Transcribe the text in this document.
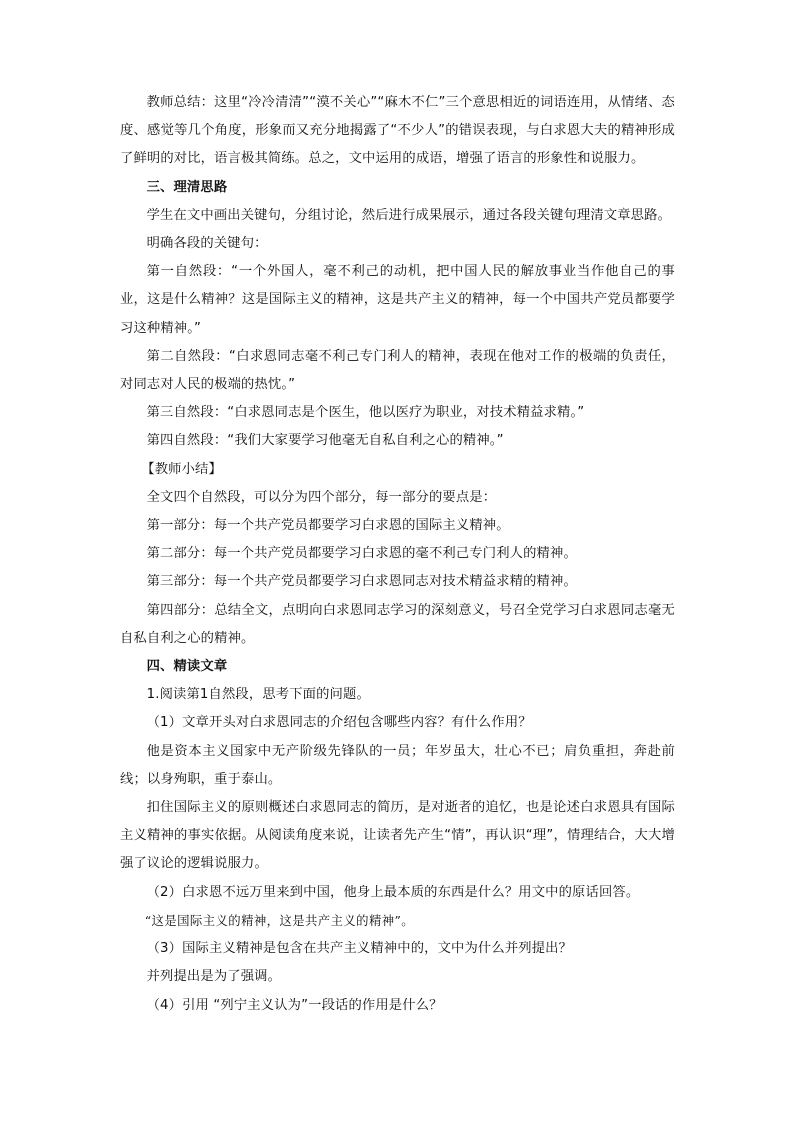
教师总结：这里“冷冷清清”“漠不关心”“麻木不仁”三个意思相近的词语连用，从情绪、态度、感觉等几个角度，形象而又充分地揭露了“不少人”的错误表现，与白求恩大夫的精神形成了鲜明的对比，语言极其简练。总之，文中运用的成语，增强了语言的形象性和说服力。

三、理清思路

学生在文中画出关键句，分组讨论，然后进行成果展示，通过各段关键句理清文章思路。

明确各段的关键句：

第一自然段：“一个外国人，毫不利己的动机，把中国人民的解放事业当作他自己的事业，这是什么精神？这是国际主义的精神，这是共产主义的精神，每一个中国共产党员都要学习这种精神。”

第二自然段：“白求恩同志毫不利己专门利人的精神，表现在他对工作的极端的负责任，对同志对人民的极端的热忱。”

第三自然段：“白求恩同志是个医生，他以医疗为职业，对技术精益求精。”

第四自然段：“我们大家要学习他毫无自私自利之心的精神。”

【教师小结】

全文四个自然段，可以分为四个部分，每一部分的要点是：

第一部分：每一个共产党员都要学习白求恩的国际主义精神。

第二部分：每一个共产党员都要学习白求恩的毫不利己专门利人的精神。

第三部分：每一个共产党员都要学习白求恩同志对技术精益求精的精神。

第四部分：总结全文，点明向白求恩同志学习的深刻意义，号召全党学习白求恩同志毫无自私自利之心的精神。

四、精读文章

1.阅读第1自然段，思考下面的问题。

（1）文章开头对白求恩同志的介绍包含哪些内容？有什么作用？

他是资本主义国家中无产阶级先锋队的一员；年岁虽大，壮心不已；肩负重担，奔赴前线；以身殉职，重于泰山。

扣住国际主义的原则概述白求恩同志的简历，是对逝者的追忆，也是论述白求恩具有国际主义精神的事实依据。从阅读角度来说，让读者先产生“情”，再认识“理”，情理结合，大大增强了议论的逻辑说服力。

（2）白求恩不远万里来到中国，他身上最本质的东西是什么？用文中的原话回答。

“这是国际主义的精神，这是共产主义的精神”。

（3）国际主义精神是包含在共产主义精神中的，文中为什么并列提出？

并列提出是为了强调。

（4）引用 “列宁主义认为”一段话的作用是什么？
